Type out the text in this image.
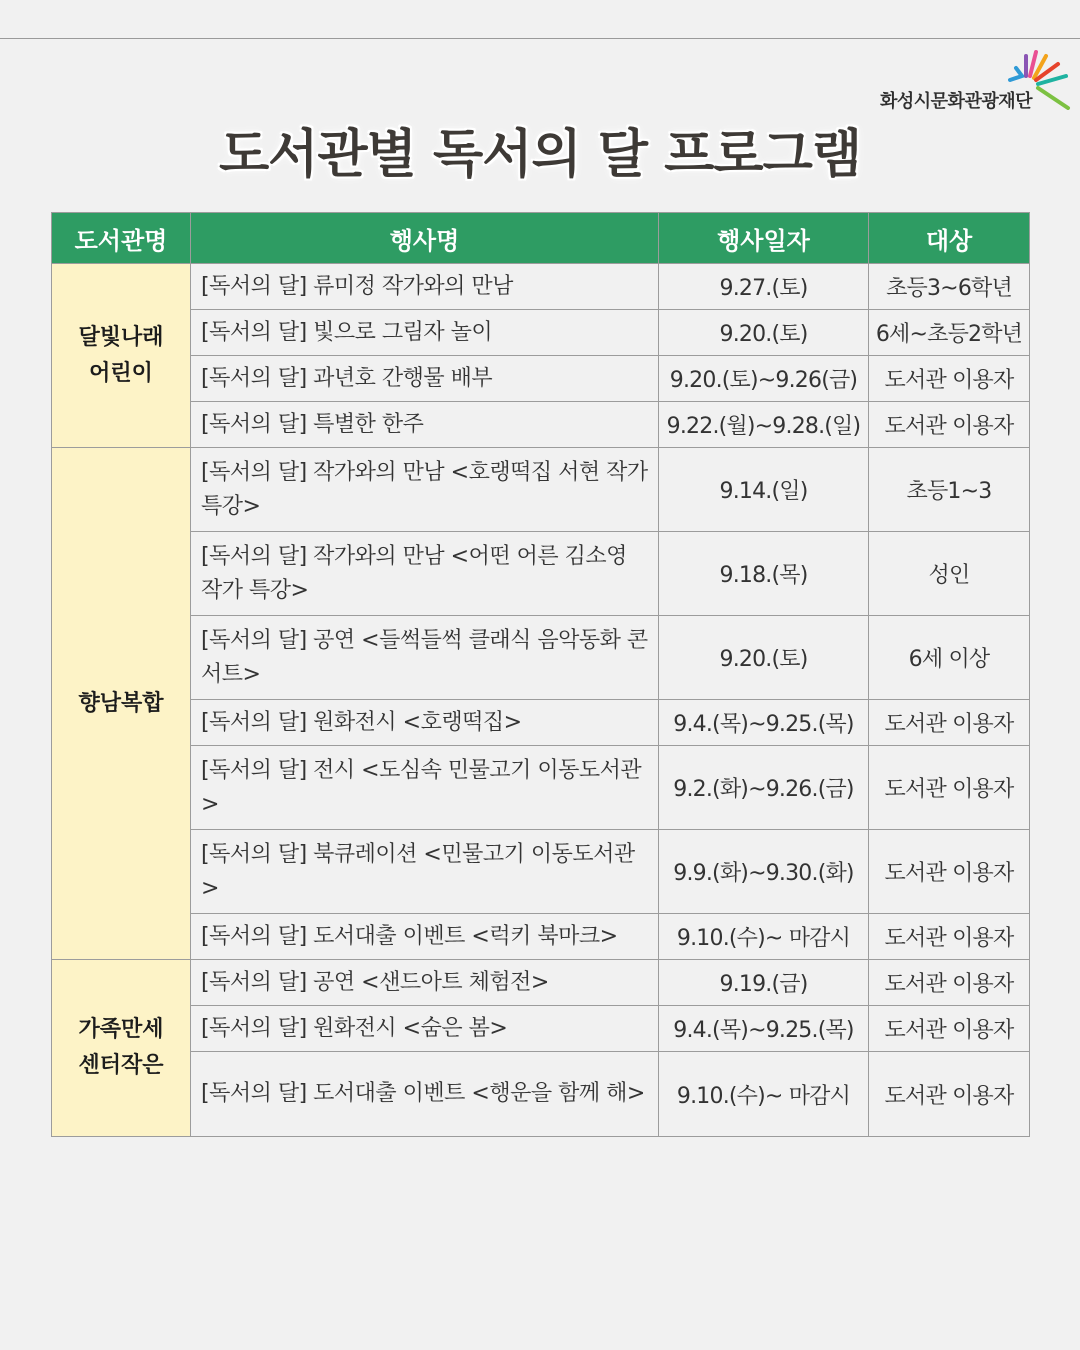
화성시문화관광재단
도서관별 독서의 달 프로그램
도서관명	행사명	행사일자	대상
달빛나래
어린이	[독서의 달] 류미정 작가와의 만남	9.27.(토)	초등3~6학년
	[독서의 달] 빛으로 그림자 놀이	9.20.(토)	6세~초등2학년
	[독서의 달] 과년호 간행물 배부	9.20.(토)~9.26(금)	도서관 이용자
	[독서의 달] 특별한 한주	9.22.(월)~9.28.(일)	도서관 이용자
향남복합	[독서의 달] 작가와의 만남 <호랭떡집 서현 작가 특강>	9.14.(일)	초등1~3
	[독서의 달] 작가와의 만남 <어떤 어른 김소영 작가 특강>	9.18.(목)	성인
	[독서의 달] 공연 <들썩들썩 클래식 음악동화 콘서트>	9.20.(토)	6세 이상
	[독서의 달] 원화전시 <호랭떡집>	9.4.(목)~9.25.(목)	도서관 이용자
	[독서의 달] 전시 <도심속 민물고기 이동도서관>	9.2.(화)~9.26.(금)	도서관 이용자
	[독서의 달] 북큐레이션 <민물고기 이동도서관>	9.9.(화)~9.30.(화)	도서관 이용자
	[독서의 달] 도서대출 이벤트 <럭키 북마크>	9.10.(수)~ 마감시	도서관 이용자
가족만세
센터작은	[독서의 달] 공연 <샌드아트 체험전>	9.19.(금)	도서관 이용자
	[독서의 달] 원화전시 <숨은 봄>	9.4.(목)~9.25.(목)	도서관 이용자
	[독서의 달] 도서대출 이벤트 <행운을 함께 해>	9.10.(수)~ 마감시	도서관 이용자
